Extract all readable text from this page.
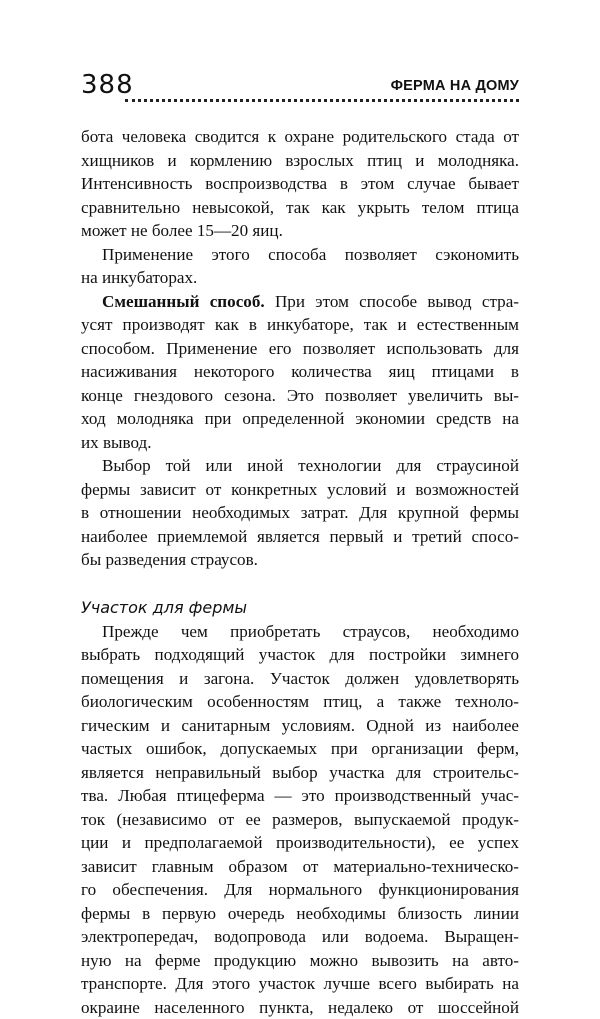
388	ФЕРМА НА ДОМУ
бота человека сводится к охране родительского стада от
хищников и кормлению взрослых птиц и молодняка.
Интенсивность воспроизводства в этом случае бывает
сравнительно невысокой, так как укрыть телом птица
может не более 15—20 яиц.
Применение этого способа позволяет сэкономить
на инкубаторах.
Смешанный способ. При этом способе вывод стра-
усят производят как в инкубаторе, так и естественным
способом. Применение его позволяет использовать для
насиживания некоторого количества яиц птицами в
конце гнездового сезона. Это позволяет увеличить вы-
ход молодняка при определенной экономии средств на
их вывод.
Выбор той или иной технологии для страусиной
фермы зависит от конкретных условий и возможностей
в отношении необходимых затрат. Для крупной фермы
наиболее приемлемой является первый и третий спосо-
бы разведения страусов.
Участок для фермы
Прежде чем приобретать страусов, необходимо
выбрать подходящий участок для постройки зимнего
помещения и загона. Участок должен удовлетворять
биологическим особенностям птиц, а также техноло-
гическим и санитарным условиям. Одной из наиболее
частых ошибок, допускаемых при организации ферм,
является неправильный выбор участка для строительс-
тва. Любая птицеферма — это производственный учас-
ток (независимо от ее размеров, выпускаемой продук-
ции и предполагаемой производительности), ее успех
зависит главным образом от материально-техническо-
го обеспечения. Для нормального функционирования
фермы в первую очередь необходимы близость линии
электропередач, водопровода или водоема. Выращен-
ную на ферме продукцию можно вывозить на авто-
транспорте. Для этого участок лучше всего выбирать на
окраине населенного пункта, недалеко от шоссейной
